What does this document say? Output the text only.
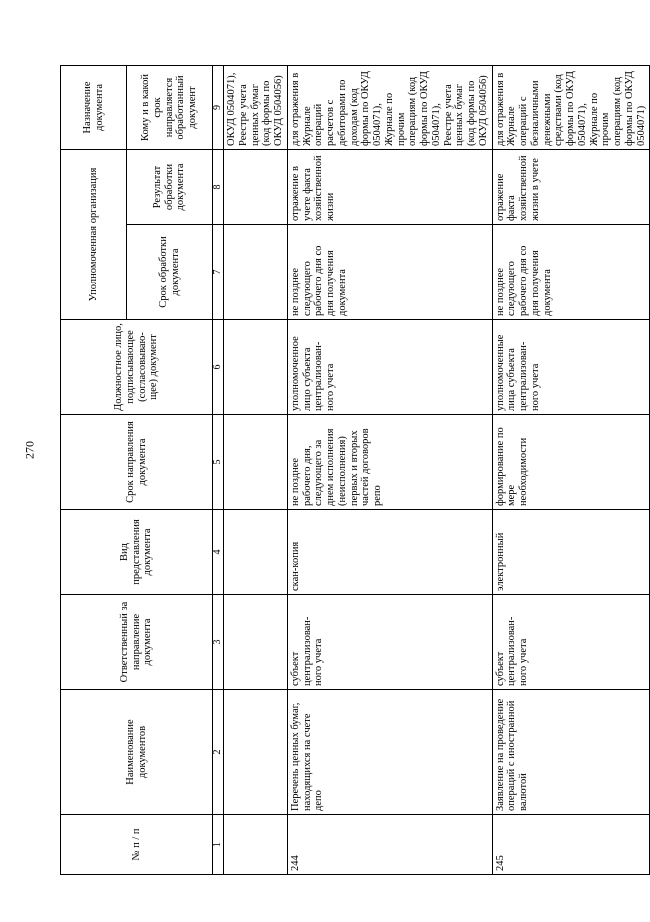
270
№ п / п	Наименование документов	Ответственный за направление документа	Вид представления документа	Срок направления документа	Должностное лицо, подписывающее (согласовываю-щее) документ	Уполномоченная организация		Назначение документа
						Срок обработки документа	Результат обработки документа	Кому и в какой срок направляется обработанный документ
1	2	3	4	5	6	7	8	9
								ОКУД 0504071), Реестре учета ценных бумаг (код формы по ОКУД 0504056)
244	Перечень ценных бумаг, находящихся на счете депо	субъект централизован-ного учета	скан-копия	не позднее рабочего дня, следующего за днем исполнения (неисполнения) первых и вторых частей договоров репо	уполномоченное лицо субъекта централизован-ного учета	не позднее следующего рабочего дня со дня получения документа	отражение в учете факта хозяйственной жизни	для отражения в Журнале операций расчетов с дебиторами по доходам (код формы по ОКУД 0504071), Журнале по прочим операциям (код формы по ОКУД 0504071), Реестре учета ценных бумаг (код формы по ОКУД 0504056)
245	Заявление на проведение операций с иностранной валютой	субъект централизован-ного учета	электронный	формирование по мере необходимости	уполномоченные лица субъекта централизован-ного учета	не позднее следующего рабочего дня со дня получения документа	отражение факта хозяйственной жизни в учете	для отражения в Журнале операций с безналичными денежными средствами (код формы по ОКУД 0504071), Журнале по прочим операциям (код формы по ОКУД 0504071)
